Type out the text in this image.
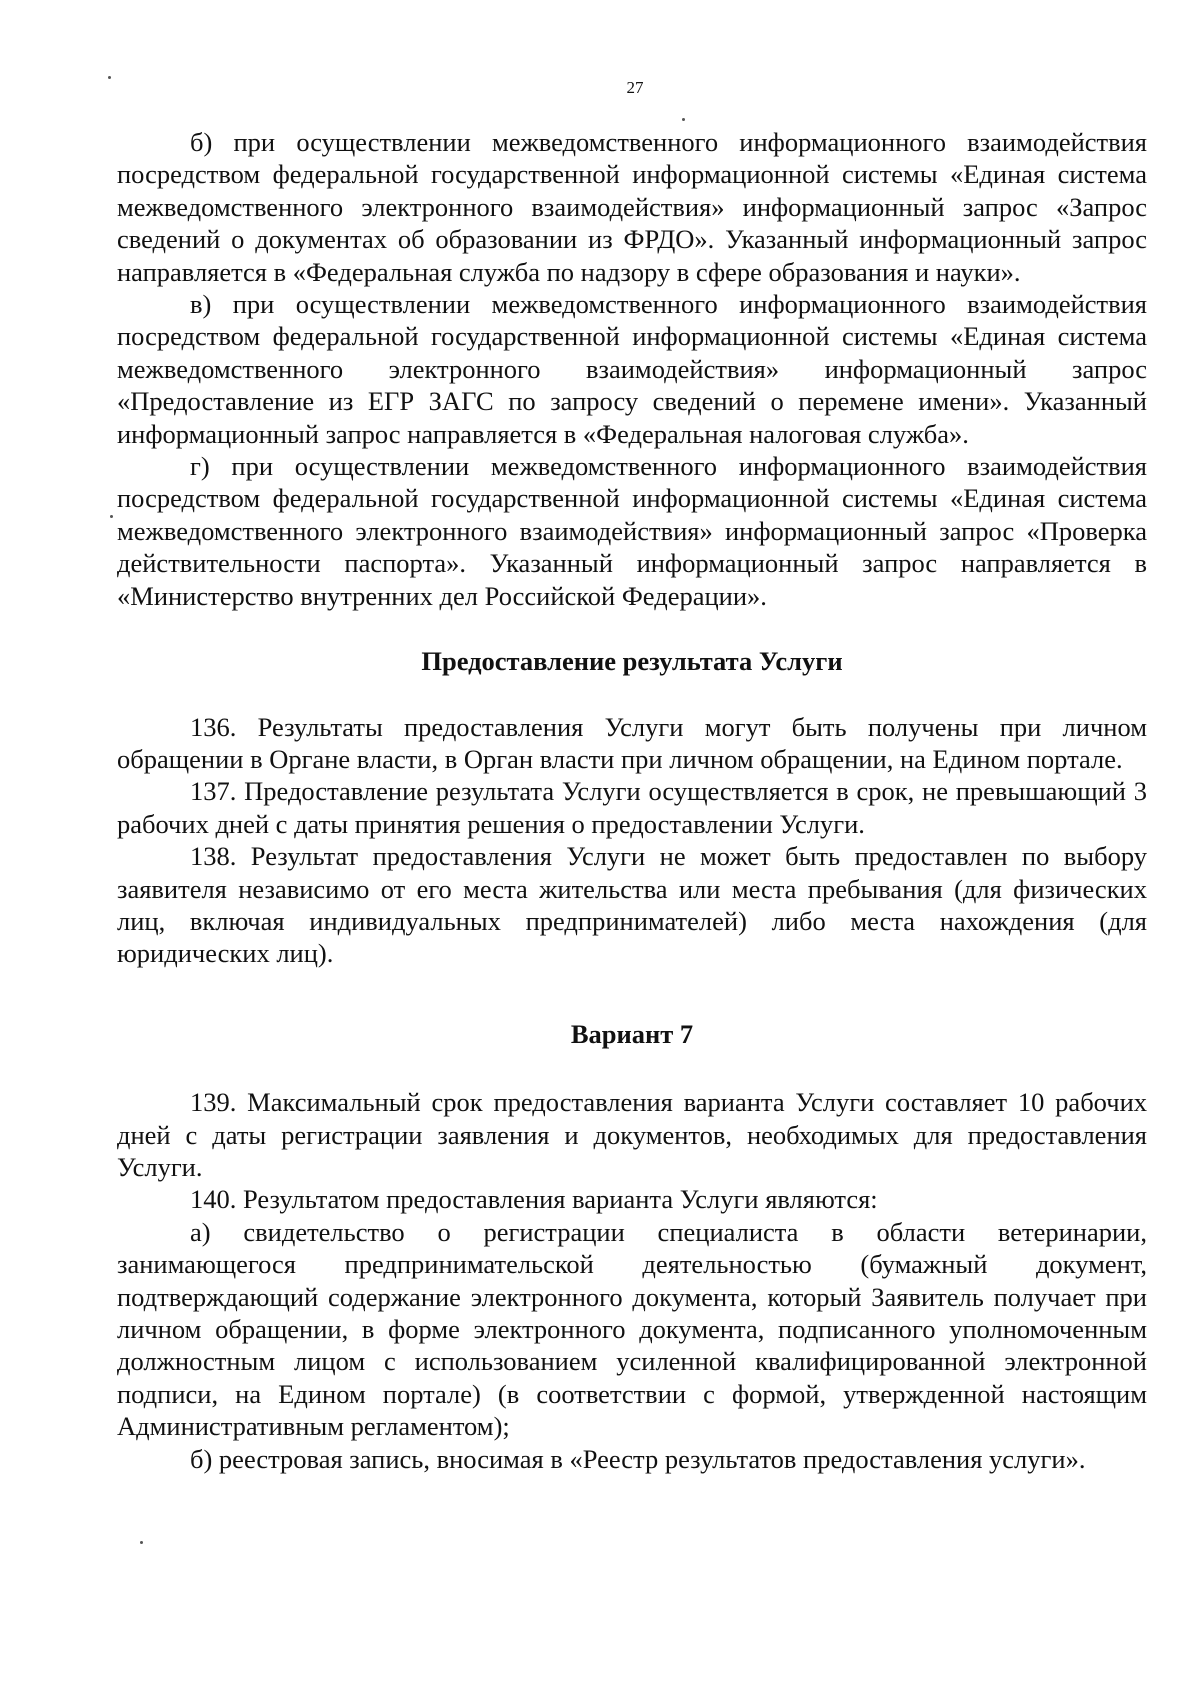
27

б) при осуществлении межведомственного информационного взаимодействия посредством федеральной государственной информационной системы «Единая система межведомственного электронного взаимодействия» информационный запрос «Запрос сведений о документах об образовании из ФРДО». Указанный информационный запрос направляется в «Федеральная служба по надзору в сфере образования и науки».

в) при осуществлении межведомственного информационного взаимодействия посредством федеральной государственной информационной системы «Единая система межведомственного электронного взаимодействия» информационный запрос «Предоставление из ЕГР ЗАГС по запросу сведений о перемене имени». Указанный информационный запрос направляется в «Федеральная налоговая служба».

г) при осуществлении межведомственного информационного взаимодействия посредством федеральной государственной информационной системы «Единая система межведомственного электронного взаимодействия» информационный запрос «Проверка действительности паспорта». Указанный информационный запрос направляется в «Министерство внутренних дел Российской Федерации».

Предоставление результата Услуги

136. Результаты предоставления Услуги могут быть получены при личном обращении в Органе власти, в Орган власти при личном обращении, на Едином портале.

137. Предоставление результата Услуги осуществляется в срок, не превышающий 3 рабочих дней с даты принятия решения о предоставлении Услуги.

138. Результат предоставления Услуги не может быть предоставлен по выбору заявителя независимо от его места жительства или места пребывания (для физических лиц, включая индивидуальных предпринимателей) либо места нахождения (для юридических лиц).

Вариант 7

139. Максимальный срок предоставления варианта Услуги составляет 10 рабочих дней с даты регистрации заявления и документов, необходимых для предоставления Услуги.

140. Результатом предоставления варианта Услуги являются:

а) свидетельство о регистрации специалиста в области ветеринарии, занимающегося предпринимательской деятельностью (бумажный документ, подтверждающий содержание электронного документа, который Заявитель получает при личном обращении, в форме электронного документа, подписанного уполномоченным должностным лицом с использованием усиленной квалифицированной электронной подписи, на Едином портале) (в соответствии с формой, утвержденной настоящим Административным регламентом);

б) реестровая запись, вносимая в «Реестр результатов предоставления услуги».
